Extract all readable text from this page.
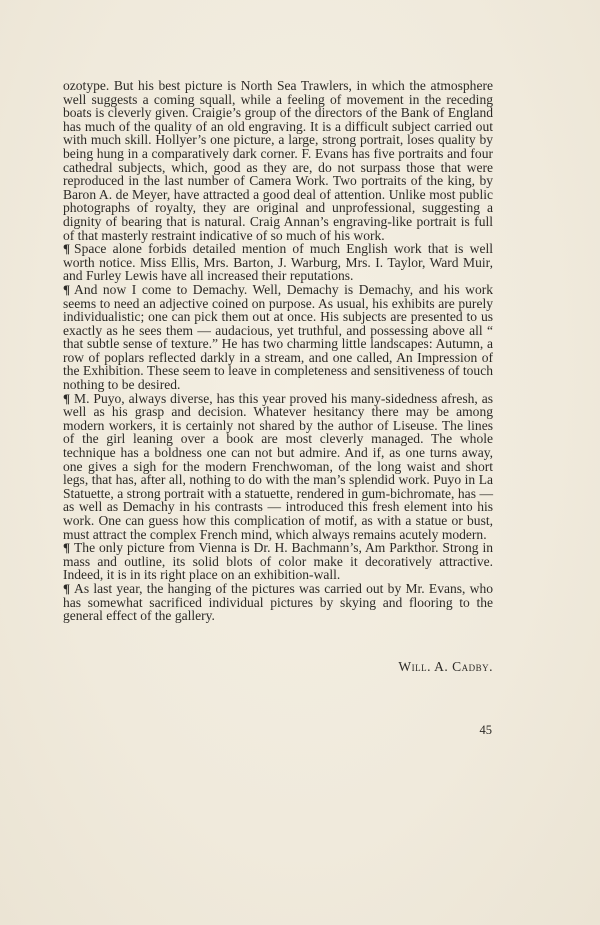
ozotype. But his best picture is North Sea Trawlers, in which the atmosphere well suggests a coming squall, while a feeling of movement in the receding boats is cleverly given. Craigie’s group of the directors of the Bank of England has much of the quality of an old engraving. It is a difficult subject carried out with much skill. Hollyer’s one picture, a large, strong portrait, loses quality by being hung in a comparatively dark corner. F. Evans has five portraits and four cathedral subjects, which, good as they are, do not surpass those that were reproduced in the last number of Camera Work. Two portraits of the king, by Baron A. de Meyer, have attracted a good deal of attention. Unlike most public photographs of royalty, they are original and unprofessional, suggesting a dignity of bearing that is natural. Craig Annan’s engraving-like portrait is full of that masterly restraint indicative of so much of his work.

¶ Space alone forbids detailed mention of much English work that is well worth notice. Miss Ellis, Mrs. Barton, J. Warburg, Mrs. I. Taylor, Ward Muir, and Furley Lewis have all increased their reputations.

¶ And now I come to Demachy. Well, Demachy is Demachy, and his work seems to need an adjective coined on purpose. As usual, his exhibits are purely individualistic; one can pick them out at once. His subjects are presented to us exactly as he sees them — audacious, yet truthful, and possessing above all “ that subtle sense of texture.” He has two charming little landscapes: Autumn, a row of poplars reflected darkly in a stream, and one called, An Impression of the Exhibition. These seem to leave in completeness and sensitiveness of touch nothing to be desired.

¶ M. Puyo, always diverse, has this year proved his many-sidedness afresh, as well as his grasp and decision. Whatever hesitancy there may be among modern workers, it is certainly not shared by the author of Liseuse. The lines of the girl leaning over a book are most cleverly managed. The whole technique has a boldness one can not but admire. And if, as one turns away, one gives a sigh for the modern Frenchwoman, of the long waist and short legs, that has, after all, nothing to do with the man’s splendid work. Puyo in La Statuette, a strong portrait with a statuette, rendered in gum-bichromate, has — as well as Demachy in his contrasts — introduced this fresh element into his work. One can guess how this complication of motif, as with a statue or bust, must attract the complex French mind, which always remains acutely modern.

¶ The only picture from Vienna is Dr. H. Bachmann’s, Am Parkthor. Strong in mass and outline, its solid blots of color make it decoratively attractive. Indeed, it is in its right place on an exhibition-wall.

¶ As last year, the hanging of the pictures was carried out by Mr. Evans, who has somewhat sacrificed individual pictures by skying and flooring to the general effect of the gallery.

Will. A. Cadby.

45
